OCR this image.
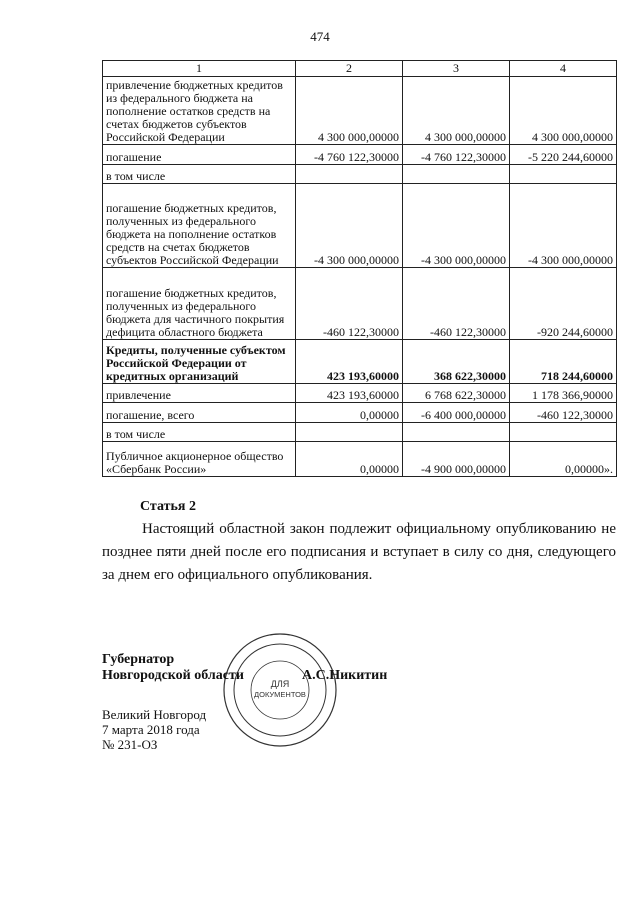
474
1	2	3	4
привлечение бюджетных кредитов из федерального бюджета на пополнение остатков средств на счетах бюджетов субъектов Российской Федерации	4 300 000,00000	4 300 000,00000	4 300 000,00000
погашение	-4 760 122,30000	-4 760 122,30000	-5 220 244,60000
в том числе			
погашение бюджетных кредитов, полученных из федерального бюджета на пополнение остатков средств на счетах бюджетов субъектов Российской Федерации	-4 300 000,00000	-4 300 000,00000	-4 300 000,00000
погашение бюджетных кредитов, полученных из федерального бюджета для частичного покрытия дефицита областного бюджета	-460 122,30000	-460 122,30000	-920 244,60000
Кредиты, полученные субъектом Российской Федерации от кредитных организаций	423 193,60000	368 622,30000	718 244,60000
привлечение	423 193,60000	6 768 622,30000	1 178 366,90000
погашение, всего	0,00000	-6 400 000,00000	-460 122,30000
в том числе			
Публичное акционерное общество «Сбербанк России»	0,00000	-4 900 000,00000	0,00000».
Статья 2
Настоящий областной закон подлежит официальному опубликованию не позднее пяти дней после его подписания и вступает в силу со дня, следующего за днем его официального опубликования.
ДЛЯ
ДОКУМЕНТОВ
Губернатор
Новгородской области	А.С.Никитин
Великий Новгород
7 марта 2018 года
№ 231-ОЗ
